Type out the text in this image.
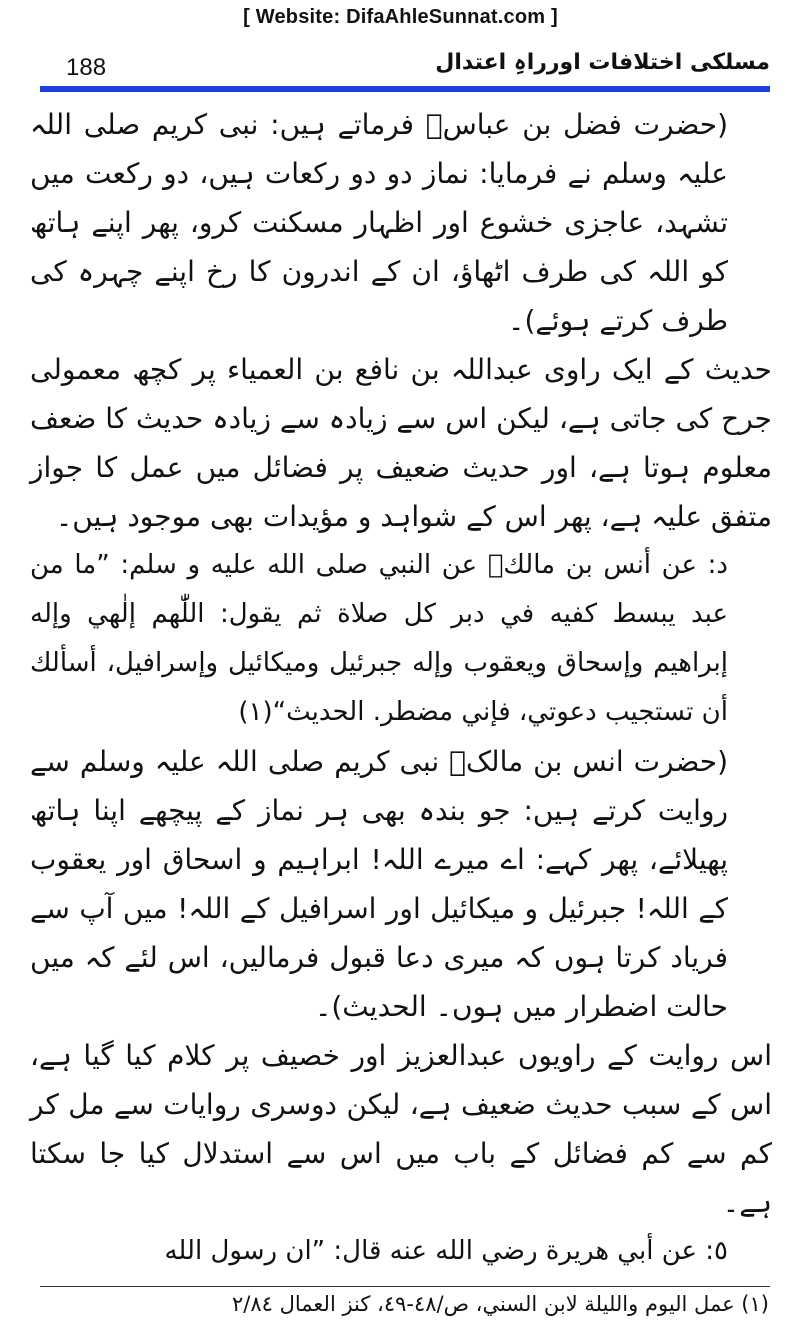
[ Website: DifaAhleSunnat.com ]
188	مسلکی اختلافات اورراہِ اعتدال

(حضرت فضل بن عباسؓ فرماتے ہیں: نبی کریم صلی اللہ علیہ وسلم نے فرمایا: نماز دو دو رکعات ہیں، دو رکعت میں تشہد، عاجزی خشوع اور اظہار مسکنت کرو، پھر اپنے ہاتھ کو اللہ کی طرف اٹھاؤ، ان کے اندرون کا رخ اپنے چہرہ کی طرف کرتے ہوئے)۔

حدیث کے ایک راوی عبداللہ بن نافع بن العمیاء پر کچھ معمولی جرح کی جاتی ہے، لیکن اس سے زیادہ سے زیادہ حدیث کا ضعف معلوم ہوتا ہے، اور حدیث ضعیف پر فضائل میں عمل کا جواز متفق علیہ ہے، پھر اس کے شواہد و مؤیدات بھی موجود ہیں۔

د: عن أنس بن مالكؓ عن النبي صلى الله عليه و سلم: ”ما من عبد يبسط كفيه في دبر كل صلاة ثم يقول: اللّٰهم إلٰهي وإله إبراهيم وإسحاق ويعقوب وإله جبرئيل وميكائيل وإسرافيل، أسألك أن تستجيب دعوتي، فإني مضطر. الحديث“(١)

(حضرت انس بن مالکؓ نبی کریم صلی اللہ علیہ وسلم سے روایت کرتے ہیں: جو بندہ بھی ہر نماز کے پیچھے اپنا ہاتھ پھیلائے، پھر کہے: اے میرے اللہ! ابراہیم و اسحاق اور یعقوب کے اللہ! جبرئیل و میکائیل اور اسرافیل کے اللہ! میں آپ سے فریاد کرتا ہوں کہ میری دعا قبول فرمالیں، اس لئے کہ میں حالت اضطرار میں ہوں۔ الحدیث)۔

اس روایت کے راویوں عبدالعزیز اور خصیف پر کلام کیا گیا ہے، اس کے سبب حدیث ضعیف ہے، لیکن دوسری روایات سے مل کر کم سے کم فضائل کے باب میں اس سے استدلال کیا جا سکتا ہے۔

٥: عن أبي هريرة رضي الله عنه قال: ”ان رسول الله

(١) عمل اليوم والليلة لابن السني، ص/٤٨-٤٩، كنز العمال ٢/٨٤
